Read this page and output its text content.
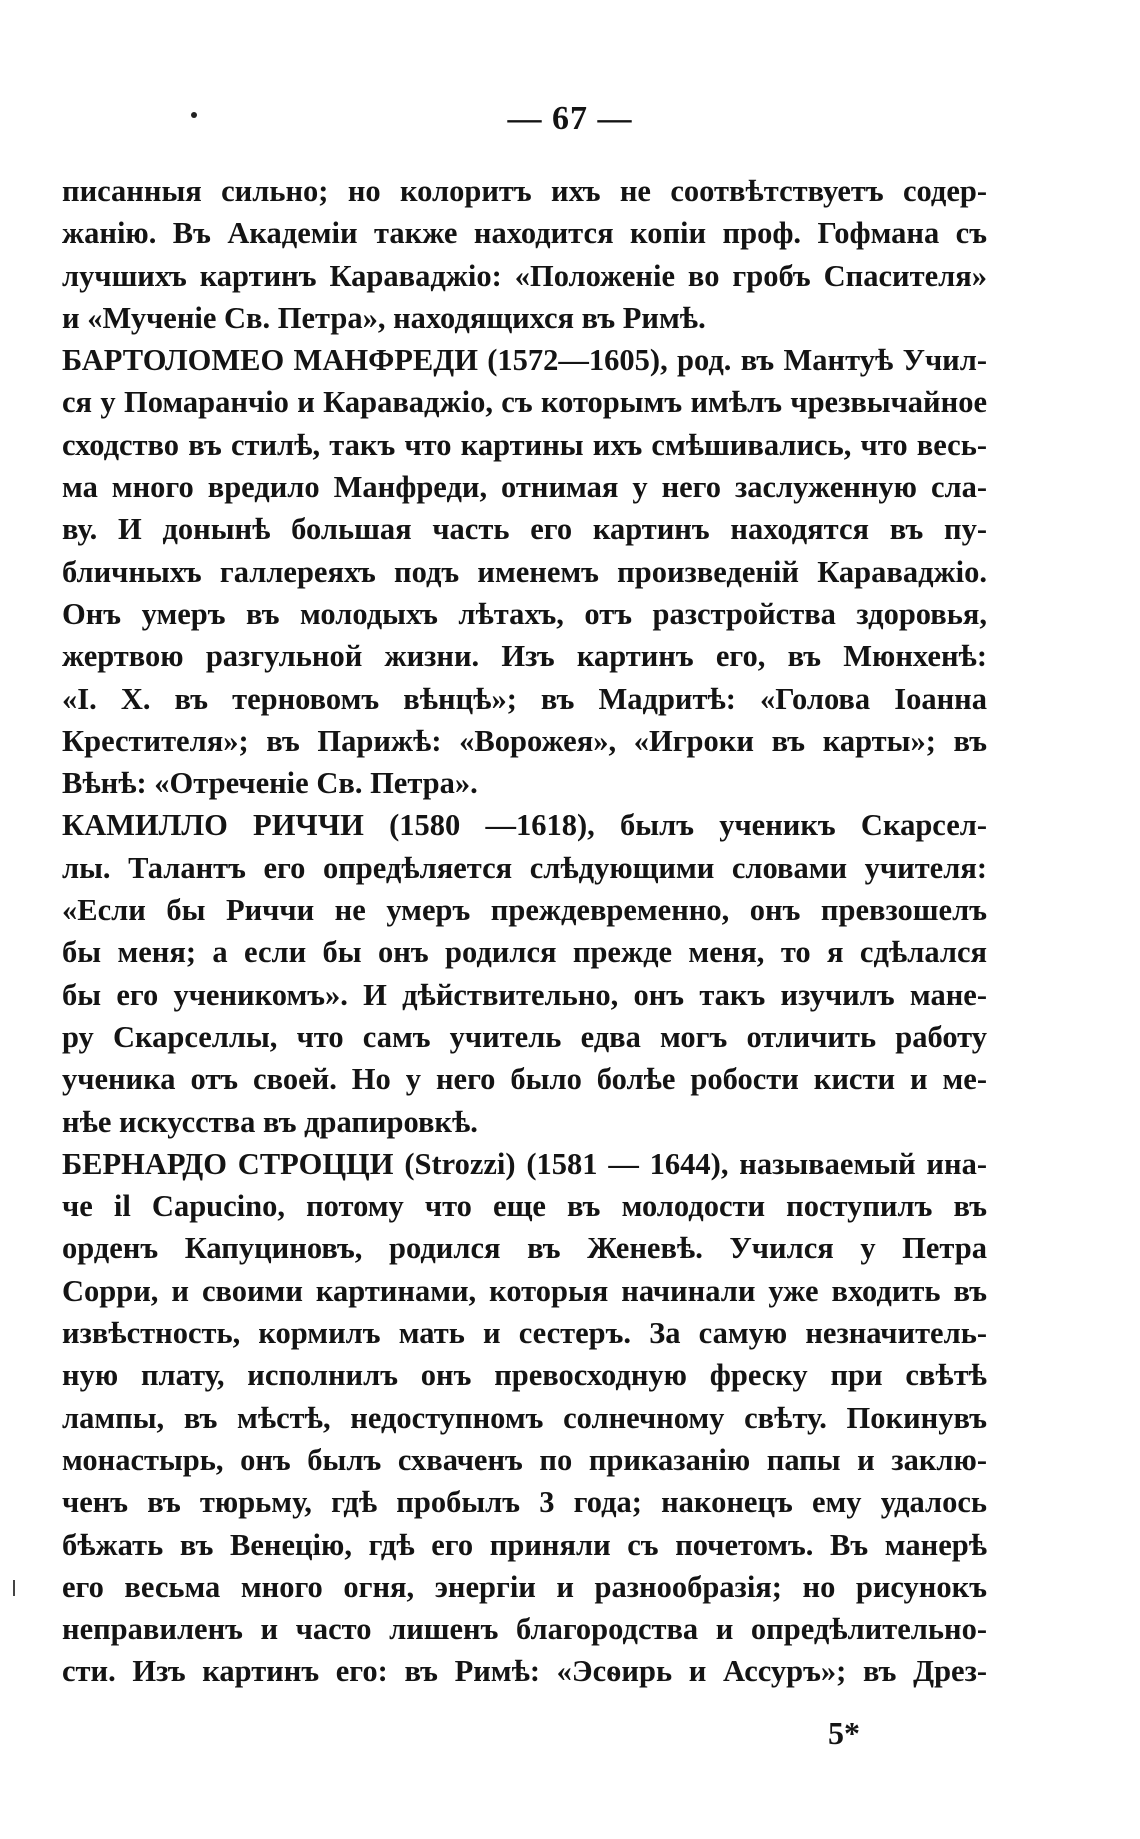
— 67 —
писанныя сильно; но колоритъ ихъ не соотвѣтствуетъ содер-
жанію. Въ Академіи также находится копіи проф. Гофмана съ
лучшихъ картинъ Караваджіо: «Положеніе во гробъ Спасителя»
и «Мученіе Св. Петра», находящихся въ Римѣ.
БАРТОЛОМЕО МАНФРЕДИ (1572—1605), род. въ Мантуѣ Учил-
ся у Помаранчіо и Караваджіо, съ которымъ имѣлъ чрезвычайное
сходство въ стилѣ, такъ что картины ихъ смѣшивались, что весь-
ма много вредило Манфреди, отнимая у него заслуженную сла-
ву. И донынѣ большая часть его картинъ находятся въ пу-
бличныхъ галлереяхъ подъ именемъ произведеній Караваджіо.
Онъ умеръ въ молодыхъ лѣтахъ, отъ разстройства здоровья,
жертвою разгульной жизни. Изъ картинъ его, въ Мюнхенѣ:
«І. Х. въ терновомъ вѣнцѣ»; въ Мадритѣ: «Голова Іоанна
Крестителя»; въ Парижѣ: «Ворожея», «Игроки въ карты»; въ
Вѣнѣ: «Отреченіе Св. Петра».
КАМИЛЛО РИЧЧИ (1580 —1618), былъ ученикъ Скарсел-
лы. Талантъ его опредѣляется слѣдующими словами учителя:
«Если бы Риччи не умеръ преждевременно, онъ превзошелъ
бы меня; а если бы онъ родился прежде меня, то я сдѣлался
бы его ученикомъ». И дѣйствительно, онъ такъ изучилъ мане-
ру Скарселлы, что самъ учитель едва могъ отличить работу
ученика отъ своей. Но у него было болѣе робости кисти и ме-
нѣе искусства въ драпировкѣ.
БЕРНАРДО СТРОЦЦИ (Strozzi) (1581 — 1644), называемый ина-
че il Capucino, потому что еще въ молодости поступилъ въ
орденъ Капуциновъ, родился въ Женевѣ. Учился у Петра
Сорри, и своими картинами, которыя начинали уже входить въ
извѣстность, кормилъ мать и сестеръ. За самую незначитель-
ную плату, исполнилъ онъ превосходную фреску при свѣтѣ
лампы, въ мѣстѣ, недоступномъ солнечному свѣту. Покинувъ
монастырь, онъ былъ схваченъ по приказанію папы и заклю-
ченъ въ тюрьму, гдѣ пробылъ 3 года; наконецъ ему удалось
бѣжать въ Венецію, гдѣ его приняли съ почетомъ. Въ манерѣ
его весьма много огня, энергіи и разнообразія; но рисунокъ
неправиленъ и часто лишенъ благородства и опредѣлительно-
сти. Изъ картинъ его: въ Римѣ: «Эсѳирь и Ассуръ»; въ Дрез-
5*
